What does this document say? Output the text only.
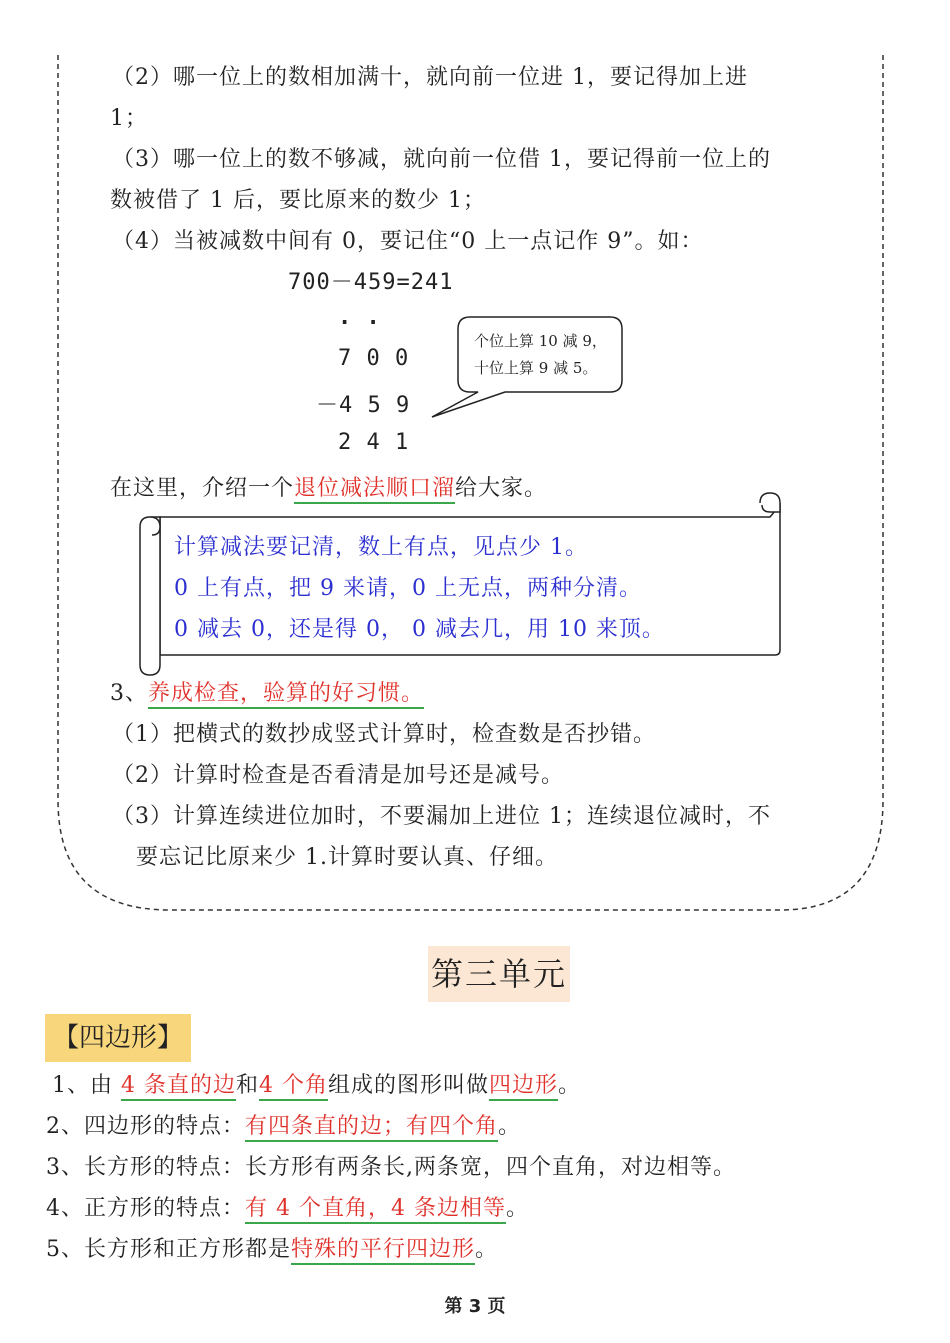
（2）哪一位上的数相加满十，就向前一位进 1，要记得加上进
1；
（3）哪一位上的数不够减，就向前一位借 1，要记得前一位上的
数被借了 1 后，要比原来的数少 1；
（4）当被减数中间有 0，要记住“0 上一点记作 9”。如：
700－459=241
. .
7 0 0
－4 5 9
2 4 1
个位上算 10 减 9，
十位上算 9 减 5。
在这里，介绍一个退位减法顺口溜给大家。
计算减法要记清，数上有点，见点少 1。
0 上有点，把 9 来请，0 上无点，两种分清。
0 减去 0，还是得 0， 0 减去几，用 10 来顶。
3、养成检查，验算的好习惯。
（1）把横式的数抄成竖式计算时，检查数是否抄错。
（2）计算时检查是否看清是加号还是减号。
（3）计算连续进位加时，不要漏加上进位 1；连续退位减时，不
要忘记比原来少 1.计算时要认真、仔细。
第三单元
【四边形】
1、由 4 条直的边和4 个角组成的图形叫做四边形。
2、四边形的特点：有四条直的边；有四个角。
3、长方形的特点：长方形有两条长,两条宽，四个直角，对边相等。
4、正方形的特点：有 4 个直角，4 条边相等。
5、长方形和正方形都是特殊的平行四边形。
第 3 页
